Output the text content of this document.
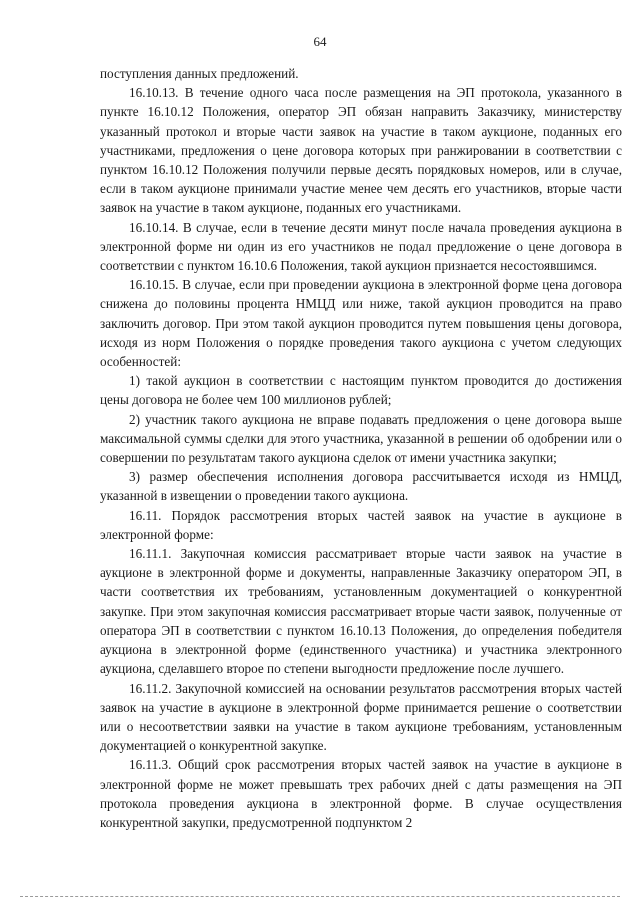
64

поступления данных предложений.

16.10.13. В течение одного часа после размещения на ЭП протокола, указанного в пункте 16.10.12 Положения, оператор ЭП обязан направить Заказчику, министерству указанный протокол и вторые части заявок на участие в таком аукционе, поданных его участниками, предложения о цене договора которых при ранжировании в соответствии с пунктом 16.10.12 Положения получили первые десять порядковых номеров, или в случае, если в таком аукционе принимали участие менее чем десять его участников, вторые части заявок на участие в таком аукционе, поданных его участниками.

16.10.14. В случае, если в течение десяти минут после начала проведения аукциона в электронной форме ни один из его участников не подал предложение о цене договора в соответствии с пунктом 16.10.6 Положения, такой аукцион признается несостоявшимся.

16.10.15. В случае, если при проведении аукциона в электронной форме цена договора снижена до половины процента НМЦД или ниже, такой аукцион проводится на право заключить договор. При этом такой аукцион проводится путем повышения цены договора, исходя из норм Положения о порядке проведения такого аукциона с учетом следующих особенностей:

1) такой аукцион в соответствии с настоящим пунктом проводится до достижения цены договора не более чем 100 миллионов рублей;

2) участник такого аукциона не вправе подавать предложения о цене договора выше максимальной суммы сделки для этого участника, указанной в решении об одобрении или о совершении по результатам такого аукциона сделок от имени участника закупки;

3) размер обеспечения исполнения договора рассчитывается исходя из НМЦД, указанной в извещении о проведении такого аукциона.

16.11. Порядок рассмотрения вторых частей заявок на участие в аукционе в электронной форме:

16.11.1. Закупочная комиссия рассматривает вторые части заявок на участие в аукционе в электронной форме и документы, направленные Заказчику оператором ЭП, в части соответствия их требованиям, установленным документацией о конкурентной закупке. При этом закупочная комиссия рассматривает вторые части заявок, полученные от оператора ЭП в соответствии с пунктом 16.10.13 Положения, до определения победителя аукциона в электронной форме (единственного участника) и участника электронного аукциона, сделавшего второе по степени выгодности предложение после лучшего.

16.11.2. Закупочной комиссией на основании результатов рассмотрения вторых частей заявок на участие в аукционе в электронной форме принимается решение о соответствии или о несоответствии заявки на участие в таком аукционе требованиям, установленным документацией о конкурентной закупке.

16.11.3. Общий срок рассмотрения вторых частей заявок на участие в аукционе в электронной форме не может превышать трех рабочих дней с даты размещения на ЭП протокола проведения аукциона в электронной форме. В случае осуществления конкурентной закупки, предусмотренной подпунктом 2
